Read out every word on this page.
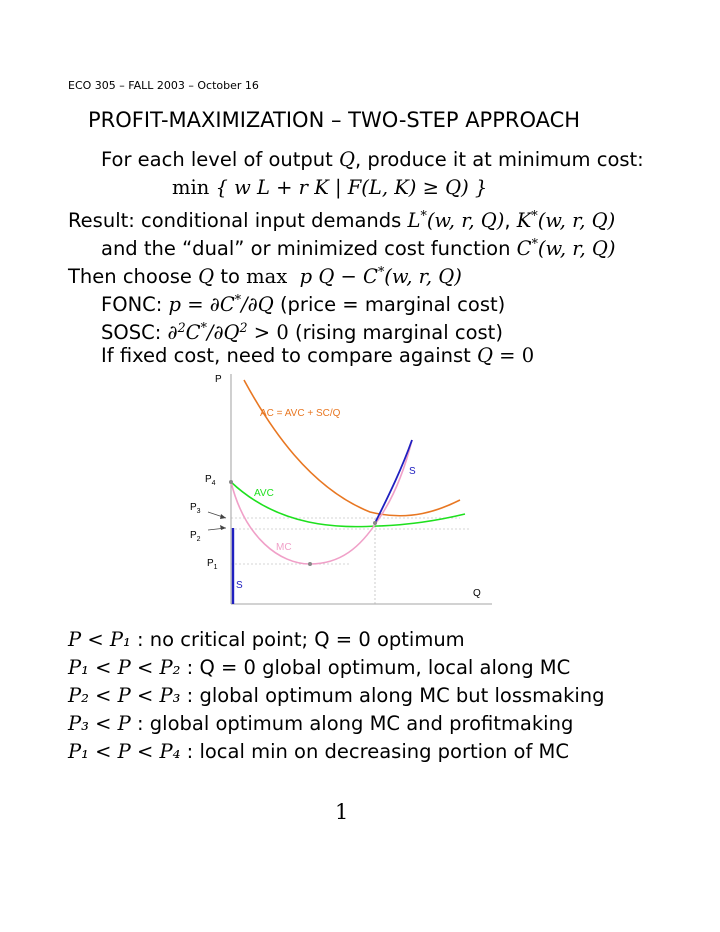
ECO 305 – FALL 2003 – October 16
PROFIT-MAXIMIZATION – TWO-STEP APPROACH
For each level of output Q, produce it at minimum cost:
min { w L + r K | F(L, K) ≥ Q) }
Result: conditional input demands L*(w, r, Q), K*(w, r, Q)
and the “dual” or minimized cost function C*(w, r, Q)
Then choose Q to max p Q − C*(w, r, Q)
FONC: p = ∂C*/∂Q (price = marginal cost)
SOSC: $\partial^2C^*/\partial Q^2 > 0$ (rising marginal cost)
If fixed cost, need to compare against Q = 0
P
Q
AC = AVC + SC/Q
AVC
MC
S
S
$P_4$
$P_3$
$P_2$
$P_1$
P < P₁ : no critical point; Q = 0 optimum
P₁ < P < P₂ : Q = 0 global optimum, local along MC
P₂ < P < P₃ : global optimum along MC but lossmaking
P₃ < P : global optimum along MC and profitmaking
P₁ < P < P₄ : local min on decreasing portion of MC
1
